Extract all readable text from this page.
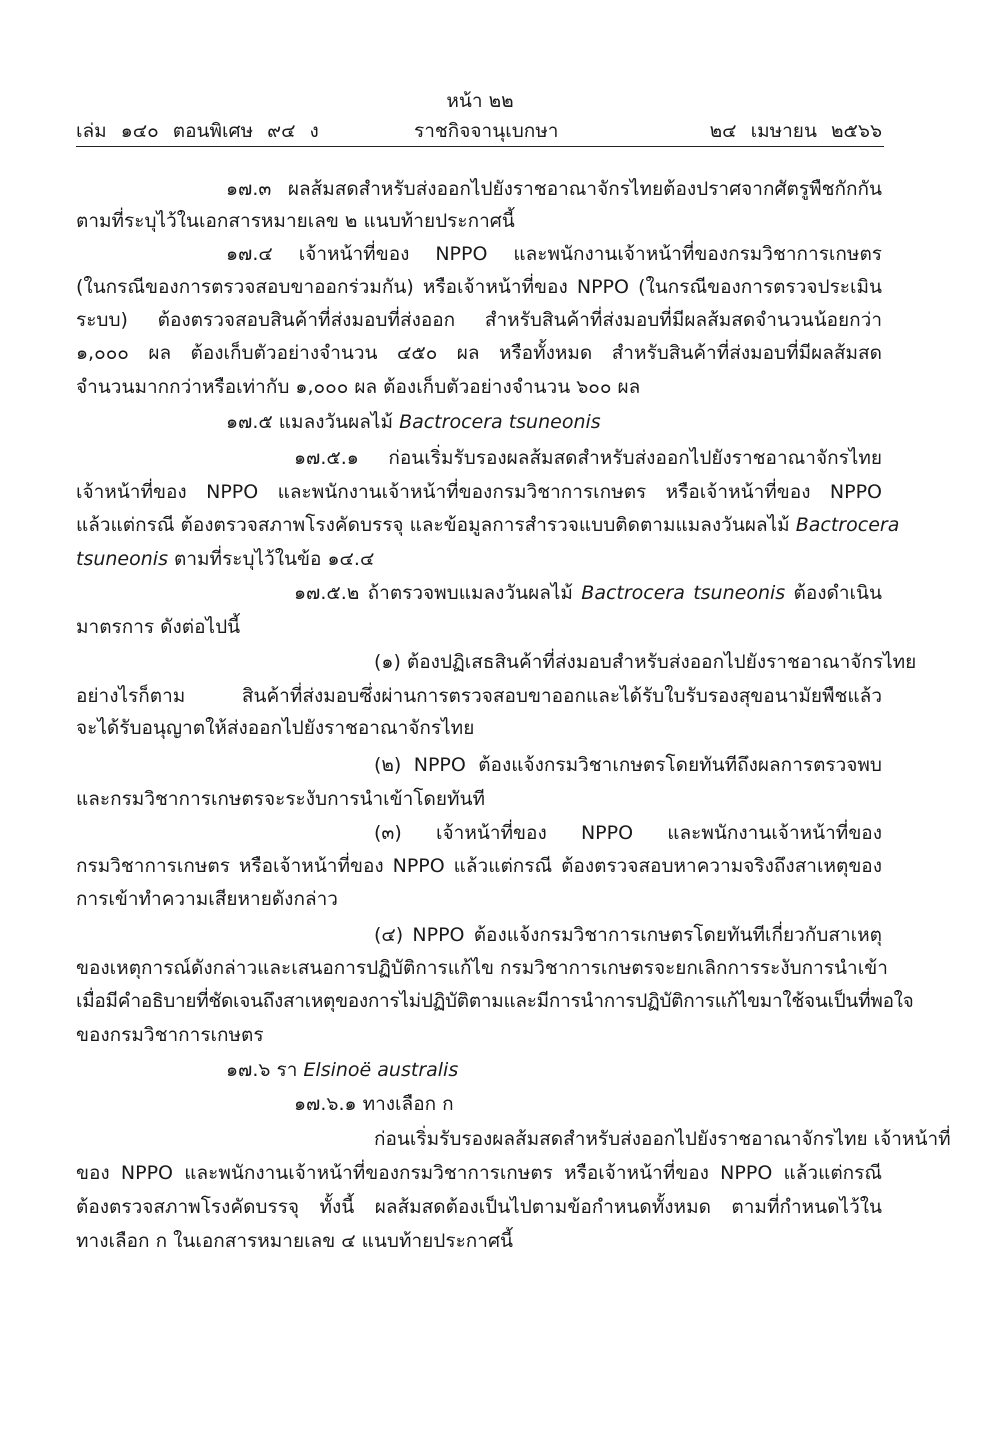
หน้า ๒๒
เล่ม ๑๔๐ ตอนพิเศษ ๙๔ ง	ราชกิจจานุเบกษา	๒๔ เมษายน ๒๕๖๖
๑๗.๓ ผลส้มสดสำหรับส่งออกไปยังราชอาณาจักรไทยต้องปราศจากศัตรูพืชกักกัน
ตามที่ระบุไว้ในเอกสารหมายเลข ๒ แนบท้ายประกาศนี้
๑๗.๔ เจ้าหน้าที่ของ NPPO และพนักงานเจ้าหน้าที่ของกรมวิชาการเกษตร
(ในกรณีของการตรวจสอบขาออกร่วมกัน) หรือเจ้าหน้าที่ของ NPPO (ในกรณีของการตรวจประเมิน
ระบบ) ต้องตรวจสอบสินค้าที่ส่งมอบที่ส่งออก สำหรับสินค้าที่ส่งมอบที่มีผลส้มสดจำนวนน้อยกว่า
๑,๐๐๐ ผล ต้องเก็บตัวอย่างจำนวน ๔๕๐ ผล หรือทั้งหมด สำหรับสินค้าที่ส่งมอบที่มีผลส้มสด
จำนวนมากกว่าหรือเท่ากับ ๑,๐๐๐ ผล ต้องเก็บตัวอย่างจำนวน ๖๐๐ ผล
๑๗.๕ แมลงวันผลไม้ Bactrocera tsuneonis
๑๗.๕.๑ ก่อนเริ่มรับรองผลส้มสดสำหรับส่งออกไปยังราชอาณาจักรไทย
เจ้าหน้าที่ของ NPPO และพนักงานเจ้าหน้าที่ของกรมวิชาการเกษตร หรือเจ้าหน้าที่ของ NPPO
แล้วแต่กรณี ต้องตรวจสภาพโรงคัดบรรจุ และข้อมูลการสำรวจแบบติดตามแมลงวันผลไม้ Bactrocera
tsuneonis ตามที่ระบุไว้ในข้อ ๑๔.๔
๑๗.๕.๒ ถ้าตรวจพบแมลงวันผลไม้ Bactrocera tsuneonis ต้องดำเนิน
มาตรการ ดังต่อไปนี้
(๑) ต้องปฏิเสธสินค้าที่ส่งมอบสำหรับส่งออกไปยังราชอาณาจักรไทย
อย่างไรก็ตาม สินค้าที่ส่งมอบซึ่งผ่านการตรวจสอบขาออกและได้รับใบรับรองสุขอนามัยพืชแล้ว
จะได้รับอนุญาตให้ส่งออกไปยังราชอาณาจักรไทย
(๒) NPPO ต้องแจ้งกรมวิชาเกษตรโดยทันทีถึงผลการตรวจพบ
และกรมวิชาการเกษตรจะระงับการนำเข้าโดยทันที
(๓) เจ้าหน้าที่ของ NPPO และพนักงานเจ้าหน้าที่ของ
กรมวิชาการเกษตร หรือเจ้าหน้าที่ของ NPPO แล้วแต่กรณี ต้องตรวจสอบหาความจริงถึงสาเหตุของ
การเข้าทำความเสียหายดังกล่าว
(๔) NPPO ต้องแจ้งกรมวิชาการเกษตรโดยทันทีเกี่ยวกับสาเหตุ
ของเหตุการณ์ดังกล่าวและเสนอการปฏิบัติการแก้ไข กรมวิชาการเกษตรจะยกเลิกการระงับการนำเข้า
เมื่อมีคำอธิบายที่ชัดเจนถึงสาเหตุของการไม่ปฏิบัติตามและมีการนำการปฏิบัติการแก้ไขมาใช้จนเป็นที่พอใจ
ของกรมวิชาการเกษตร
๑๗.๖ รา Elsinoë australis
๑๗.๖.๑ ทางเลือก ก
ก่อนเริ่มรับรองผลส้มสดสำหรับส่งออกไปยังราชอาณาจักรไทย เจ้าหน้าที่
ของ NPPO และพนักงานเจ้าหน้าที่ของกรมวิชาการเกษตร หรือเจ้าหน้าที่ของ NPPO แล้วแต่กรณี
ต้องตรวจสภาพโรงคัดบรรจุ ทั้งนี้ ผลส้มสดต้องเป็นไปตามข้อกำหนดทั้งหมด ตามที่กำหนดไว้ใน
ทางเลือก ก ในเอกสารหมายเลข ๔ แนบท้ายประกาศนี้
